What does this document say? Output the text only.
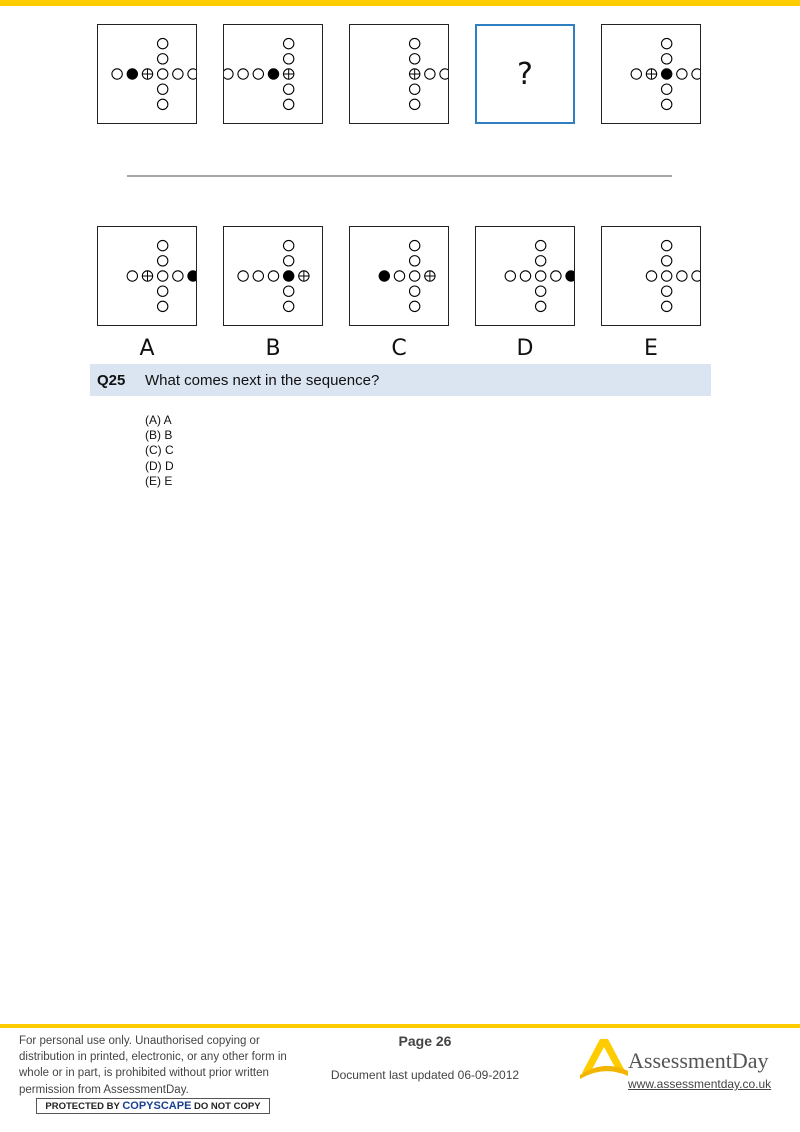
?
A	B	C	D	E
Q25	What comes next in the sequence?
(A) A
(B) B
(C) C
(D) D
(E) E
For personal use only. Unauthorised copying or distribution in printed, electronic, or any other form in whole or in part, is prohibited without prior written permission from AssessmentDay.
PROTECTED BY COPYSCAPE DO NOT COPY
Page 26
Document last updated 06-09-2012
AssessmentDay
www.assessmentday.co.uk
